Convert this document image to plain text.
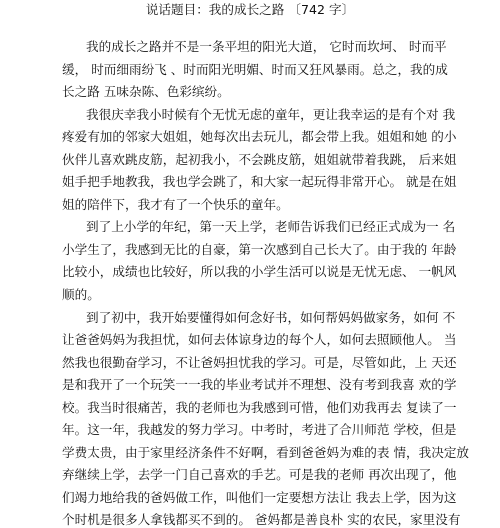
说话题目：我的成长之路 〔742 字〕
我的成长之路并不是一条平坦的阳光大道， 它时而坎坷、 时而平
缓， 时而细雨纷飞 、时而阳光明媚、时而又狂风暴雨。总之，我的成
长之路 五味杂陈、色彩缤纷。
我很庆幸我小时候有个无忧无虑的童年，更让我幸运的是有个对 我
疼爱有加的邻家大姐姐，她每次出去玩儿，都会带上我。姐姐和她 的小
伙伴儿喜欢跳皮筋，起初我小，不会跳皮筋，姐姐就带着我跳， 后来姐
姐手把手地教我，我也学会跳了，和大家一起玩得非常开心。 就是在姐
姐的陪伴下，我才有了一个快乐的童年。
到了上小学的年纪，第一天上学，老师告诉我们已经正式成为一 名
小学生了，我感到无比的自豪，第一次感到自己长大了。由于我的 年龄
比较小，成绩也比较好，所以我的小学生活可以说是无忧无虑、 一帆风
顺的。
到了初中，我开始要懂得如何念好书，如何帮妈妈做家务，如何 不
让爸爸妈妈为我担忧，如何去体谅身边的每个人，如何去照顾他人。 当
然我也很勤奋学习，不让爸妈担忧我的学习。可是，尽管如此，上 天还
是和我开了一个玩笑一一我的毕业考试并不理想、没有考到我喜 欢的学
校。我当时很痛苦，我的老师也为我感到可惜，他们劝我再去 复读了一
年。这一年，我越发的努力学习。中考时，考进了合川师范 学校，但是
学费太贵，由于家里经济条件不好啊，看到爸爸妈为难的表 情，我决定放
弃继续上学，去学一门自己喜欢的手艺。可是我的老师 再次出现了，他
们竭力地给我的爸妈做工作，叫他们一定要想方法让 我去上学，因为这
个时机是很多人拿钱都买不到的。 爸妈都是善良朴 实的农民，家里没有
